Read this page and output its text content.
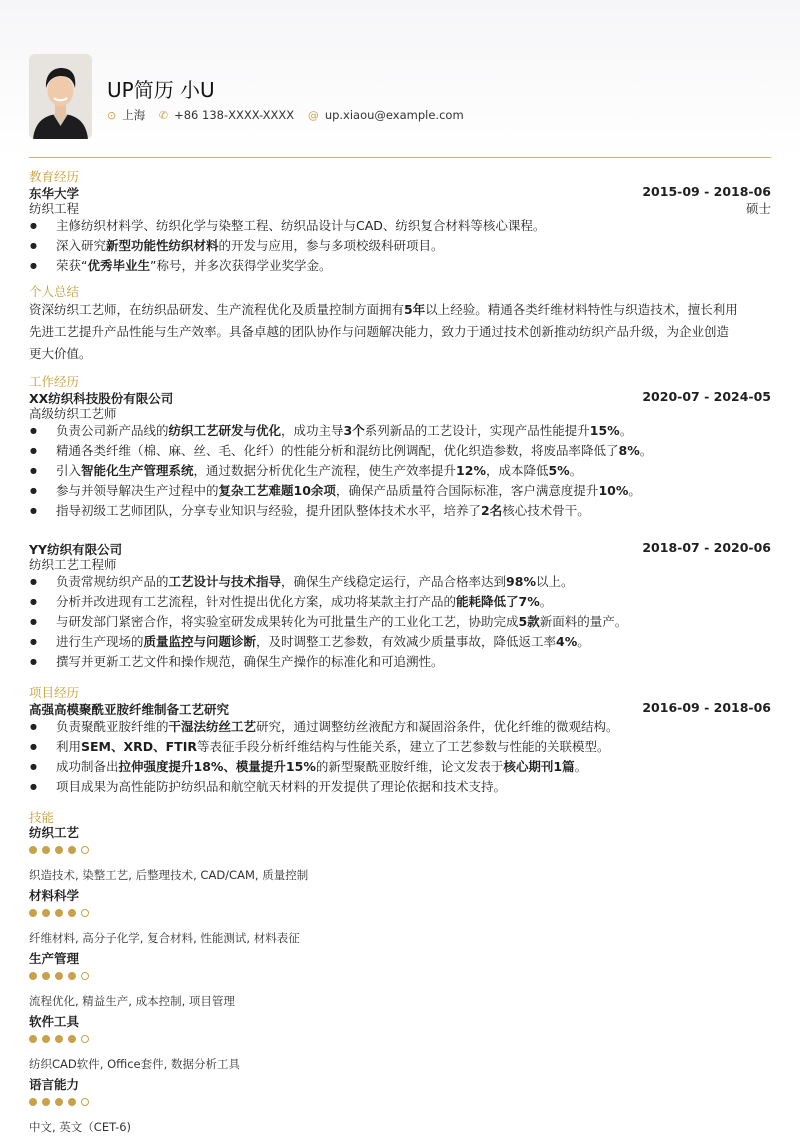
UP简历 小U
⊙ 上海 ✆ +86 138-XXXX-XXXX @ up.xiaou@example.com
教育经历
东华大学	2015-09 - 2018-06
纺织工程	硕士
● 主修纺织材料学、纺织化学与染整工程、纺织品设计与CAD、纺织复合材料等核心课程。
● 深入研究新型功能性纺织材料的开发与应用，参与多项校级科研项目。
● 荣获“优秀毕业生”称号，并多次获得学业奖学金。
个人总结

资深纺织工艺师，在纺织品研发、生产流程优化及质量控制方面拥有5年以上经验。精通各类纤维材料特性与织造技术，擅长利用
先进工艺提升产品性能与生产效率。具备卓越的团队协作与问题解决能力，致力于通过技术创新推动纺织产品升级，为企业创造
更大价值。

工作经历
XX纺织科技股份有限公司	2020-07 - 2024-05
高级纺织工艺师
● 负责公司新产品线的纺织工艺研发与优化，成功主导3个系列新品的工艺设计，实现产品性能提升15%。
● 精通各类纤维（棉、麻、丝、毛、化纤）的性能分析和混纺比例调配，优化织造参数，将废品率降低了8%。
● 引入智能化生产管理系统，通过数据分析优化生产流程，使生产效率提升12%，成本降低5%。
● 参与并领导解决生产过程中的复杂工艺难题10余项，确保产品质量符合国际标准，客户满意度提升10%。
● 指导初级工艺师团队，分享专业知识与经验，提升团队整体技术水平，培养了2名核心技术骨干。
YY纺织有限公司	2018-07 - 2020-06
纺织工艺工程师
● 负责常规纺织产品的工艺设计与技术指导，确保生产线稳定运行，产品合格率达到98%以上。
● 分析并改进现有工艺流程，针对性提出优化方案，成功将某款主打产品的能耗降低了7%。
● 与研发部门紧密合作，将实验室研发成果转化为可批量生产的工业化工艺，协助完成5款新面料的量产。
● 进行生产现场的质量监控与问题诊断，及时调整工艺参数，有效减少质量事故，降低返工率4%。
● 撰写并更新工艺文件和操作规范，确保生产操作的标准化和可追溯性。
项目经历
高强高模聚酰亚胺纤维制备工艺研究	2016-09 - 2018-06
● 负责聚酰亚胺纤维的干湿法纺丝工艺研究，通过调整纺丝液配方和凝固浴条件，优化纤维的微观结构。
● 利用SEM、XRD、FTIR等表征手段分析纤维结构与性能关系，建立了工艺参数与性能的关联模型。
● 成功制备出拉伸强度提升18%、模量提升15%的新型聚酰亚胺纤维，论文发表于核心期刊1篇。
● 项目成果为高性能防护纺织品和航空航天材料的开发提供了理论依据和技术支持。
技能
纺织工艺
织造技术, 染整工艺, 后整理技术, CAD/CAM, 质量控制
材料科学
纤维材料, 高分子化学, 复合材料, 性能测试, 材料表征
生产管理
流程优化, 精益生产, 成本控制, 项目管理
软件工具
纺织CAD软件, Office套件, 数据分析工具
语言能力
中文, 英文（CET-6)
